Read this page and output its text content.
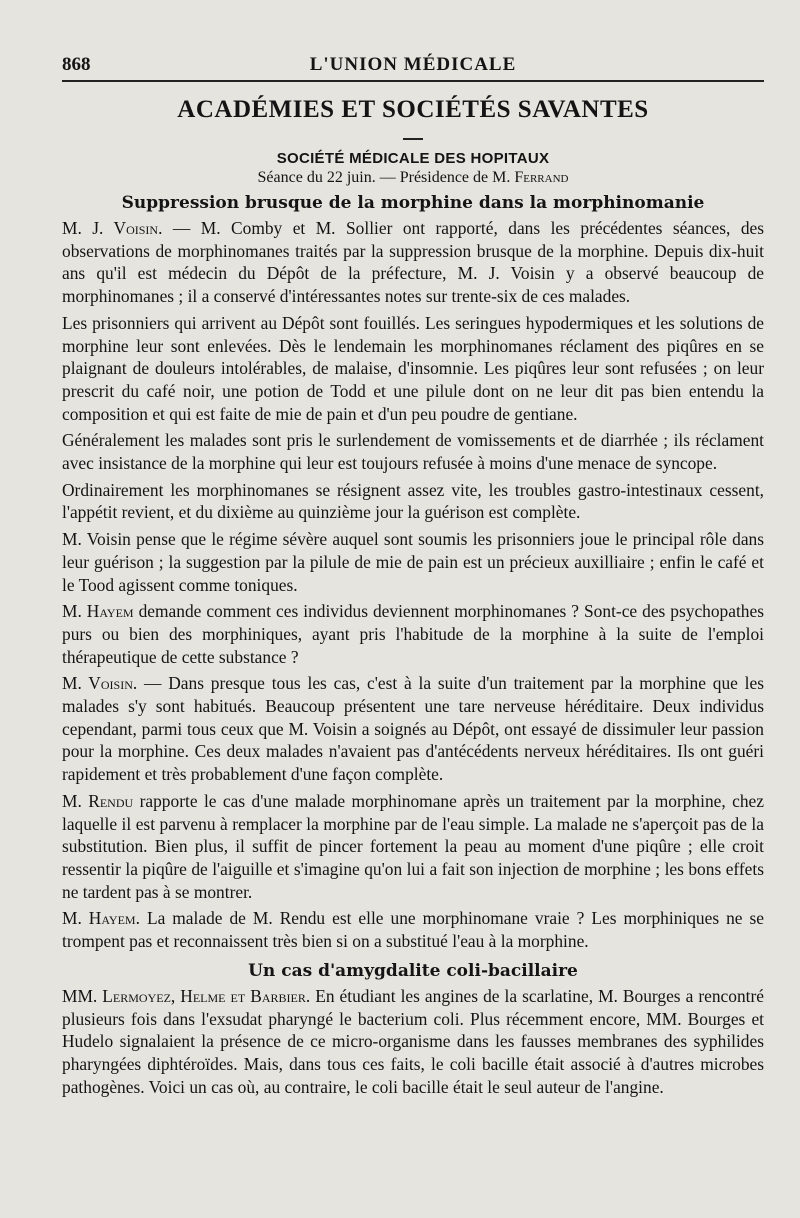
868	L'UNION MÉDICALE
ACADÉMIES ET SOCIÉTÉS SAVANTES
SOCIÉTÉ MÉDICALE DES HOPITAUX
Séance du 22 juin. — Présidence de M. Ferrand
Suppression brusque de la morphine dans la morphinomanie

M. J. Voisin. — M. Comby et M. Sollier ont rapporté, dans les précédentes séances, des observations de morphinomanes traités par la suppression brusque de la morphine. Depuis dix-huit ans qu'il est médecin du Dépôt de la préfecture, M. J. Voisin y a observé beaucoup de morphinomanes ; il a conservé d'intéressantes notes sur trente-six de ces malades.

Les prisonniers qui arrivent au Dépôt sont fouillés. Les seringues hypodermiques et les solutions de morphine leur sont enlevées. Dès le lendemain les morphinomanes réclament des piqûres en se plaignant de douleurs intolérables, de malaise, d'insomnie. Les piqûres leur sont refusées ; on leur prescrit du café noir, une potion de Todd et une pilule dont on ne leur dit pas bien entendu la composition et qui est faite de mie de pain et d'un peu poudre de gentiane.

Généralement les malades sont pris le surlendement de vomissements et de diarrhée ; ils réclament avec insistance de la morphine qui leur est toujours refusée à moins d'une menace de syncope.

Ordinairement les morphinomanes se résignent assez vite, les troubles gastro-intestinaux cessent, l'appétit revient, et du dixième au quinzième jour la guérison est complète.

M. Voisin pense que le régime sévère auquel sont soumis les prisonniers joue le principal rôle dans leur guérison ; la suggestion par la pilule de mie de pain est un précieux auxilliaire ; enfin le café et le Tood agissent comme toniques.

M. Hayem demande comment ces individus deviennent morphinomanes ? Sont-ce des psychopathes purs ou bien des morphiniques, ayant pris l'habitude de la morphine à la suite de l'emploi thérapeutique de cette substance ?

M. Voisin. — Dans presque tous les cas, c'est à la suite d'un traitement par la morphine que les malades s'y sont habitués. Beaucoup présentent une tare nerveuse héréditaire. Deux individus cependant, parmi tous ceux que M. Voisin a soignés au Dépôt, ont essayé de dissimuler leur passion pour la morphine. Ces deux malades n'avaient pas d'antécédents nerveux héréditaires. Ils ont guéri rapidement et très probablement d'une façon complète.

M. Rendu rapporte le cas d'une malade morphinomane après un traitement par la morphine, chez laquelle il est parvenu à remplacer la morphine par de l'eau simple. La malade ne s'aperçoit pas de la substitution. Bien plus, il suffit de pincer fortement la peau au moment d'une piqûre ; elle croit ressentir la piqûre de l'aiguille et s'imagine qu'on lui a fait son injection de morphine ; les bons effets ne tardent pas à se montrer.

M. Hayem. La malade de M. Rendu est elle une morphinomane vraie ? Les morphiniques ne se trompent pas et reconnaissent très bien si on a substitué l'eau à la morphine.

Un cas d'amygdalite coli-bacillaire

MM. Lermoyez, Helme et Barbier. En étudiant les angines de la scarlatine, M. Bourges a rencontré plusieurs fois dans l'exsudat pharyngé le bacterium coli. Plus récemment encore, MM. Bourges et Hudelo signalaient la présence de ce micro-organisme dans les fausses membranes des syphilides pharyngées diphtéroïdes. Mais, dans tous ces faits, le coli bacille était associé à d'autres microbes pathogènes. Voici un cas où, au contraire, le coli bacille était le seul auteur de l'angine.
